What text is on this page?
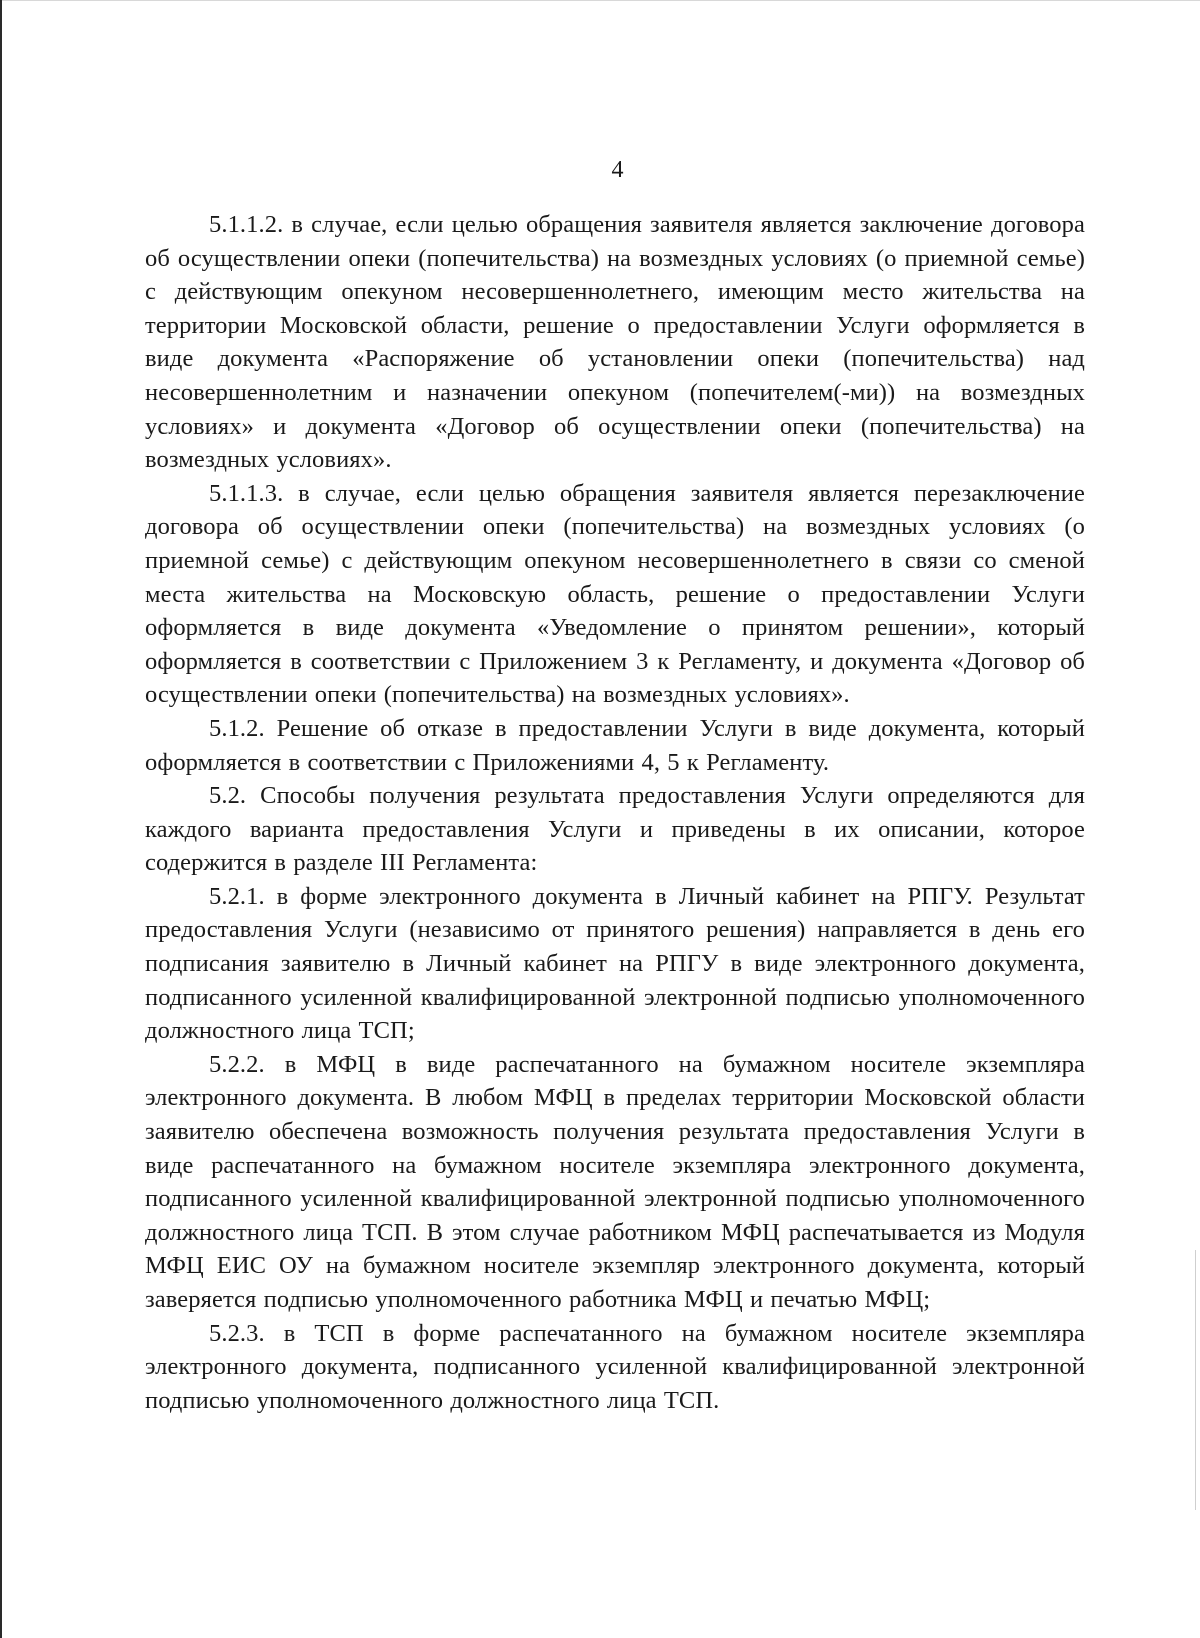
4

5.1.1.2. в случае, если целью обращения заявителя является заключение договора об осуществлении опеки (попечительства) на возмездных условиях (о приемной семье) с действующим опекуном несовершеннолетнего, имеющим место жительства на территории Московской области, решение о предоставлении Услуги оформляется в виде документа «Распоряжение об установлении опеки (попечительства) над несовершеннолетним и назначении опекуном (попечителем(-ми)) на возмездных условиях» и документа «Договор об осуществлении опеки (попечительства) на возмездных условиях».

5.1.1.3. в случае, если целью обращения заявителя является перезаключение договора об осуществлении опеки (попечительства) на возмездных условиях (о приемной семье) с действующим опекуном несовершеннолетнего в связи со сменой места жительства на Московскую область, решение о предоставлении Услуги оформляется в виде документа «Уведомление о принятом решении», который оформляется в соответствии с Приложением 3 к Регламенту, и документа «Договор об осуществлении опеки (попечительства) на возмездных условиях».

5.1.2. Решение об отказе в предоставлении Услуги в виде документа, который оформляется в соответствии с Приложениями 4, 5 к Регламенту.

5.2. Способы получения результата предоставления Услуги определяются для каждого варианта предоставления Услуги и приведены в их описании, которое содержится в разделе III Регламента:

5.2.1. в форме электронного документа в Личный кабинет на РПГУ. Результат предоставления Услуги (независимо от принятого решения) направляется в день его подписания заявителю в Личный кабинет на РПГУ в виде электронного документа, подписанного усиленной квалифицированной электронной подписью уполномоченного должностного лица ТСП;

5.2.2. в МФЦ в виде распечатанного на бумажном носителе экземпляра электронного документа. В любом МФЦ в пределах территории Московской области заявителю обеспечена возможность получения результата предоставления Услуги в виде распечатанного на бумажном носителе экземпляра электронного документа, подписанного усиленной квалифицированной электронной подписью уполномоченного должностного лица ТСП. В этом случае работником МФЦ распечатывается из Модуля МФЦ ЕИС ОУ на бумажном носителе экземпляр электронного документа, который заверяется подписью уполномоченного работника МФЦ и печатью МФЦ;

5.2.3. в ТСП в форме распечатанного на бумажном носителе экземпляра электронного документа, подписанного усиленной квалифицированной электронной подписью уполномоченного должностного лица ТСП.
